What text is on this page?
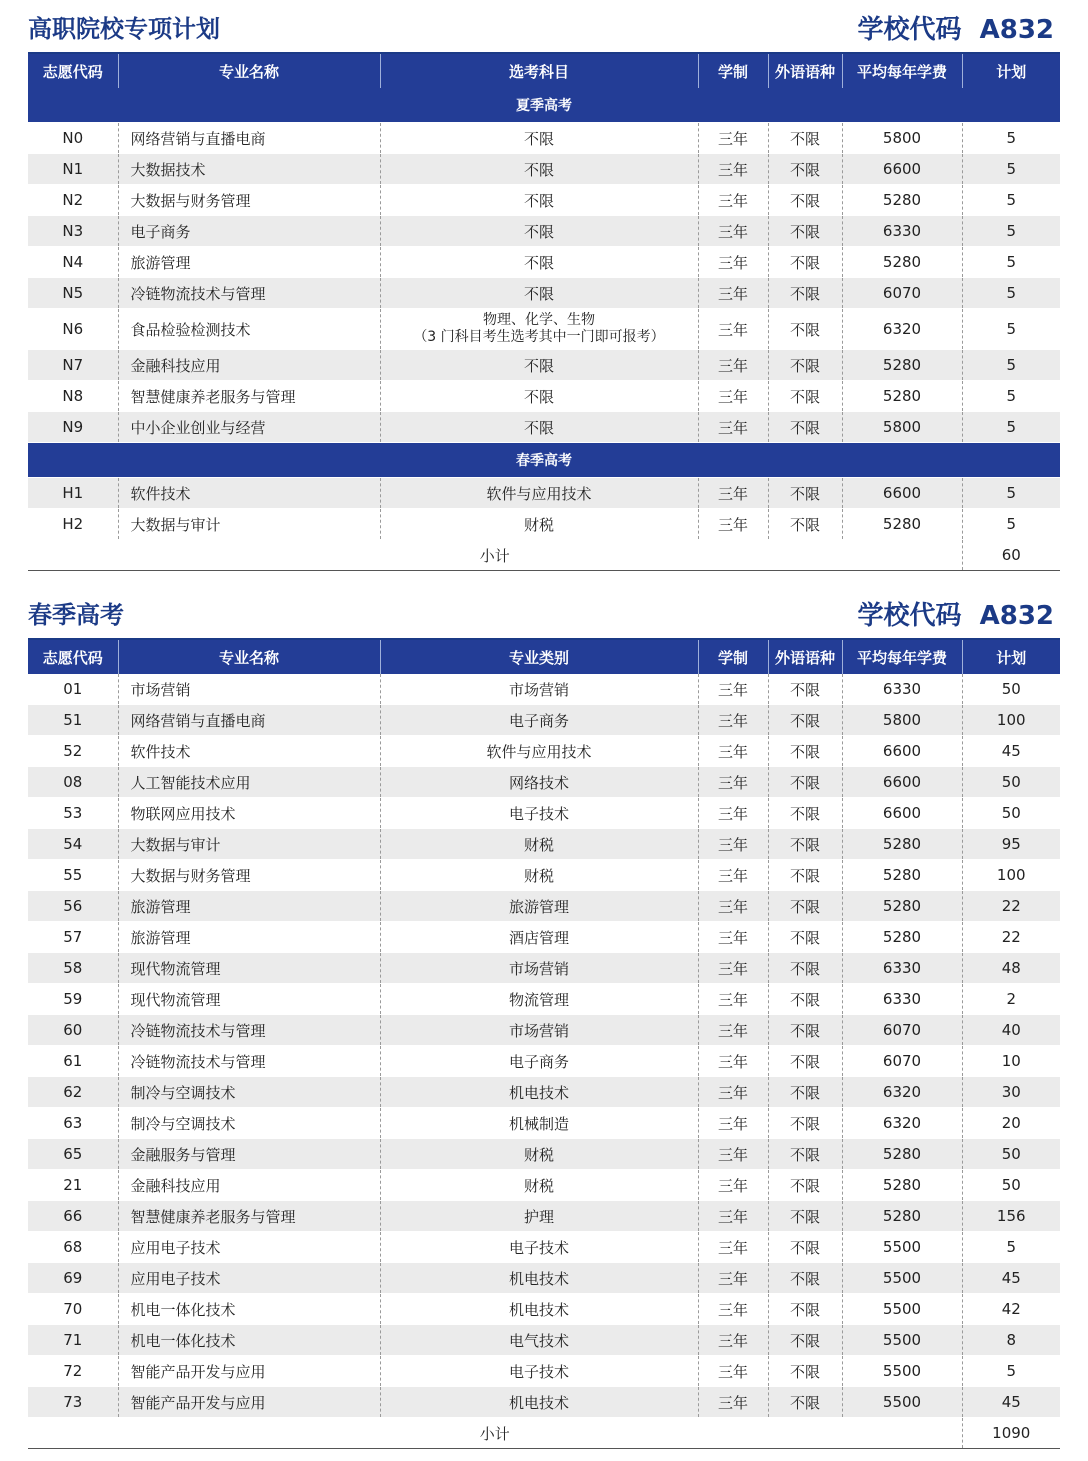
高职院校专项计划	学校代码  A832
志愿代码	专业名称	选考科目	学制	外语语种	平均每年学费	计划
夏季高考						
N0	网络营销与直播电商	不限	三年	不限	5800	5
N1	大数据技术	不限	三年	不限	6600	5
N2	大数据与财务管理	不限	三年	不限	5280	5
N3	电子商务	不限	三年	不限	6330	5
N4	旅游管理	不限	三年	不限	5280	5
N5	冷链物流技术与管理	不限	三年	不限	6070	5
N6	食品检验检测技术	物理、化学、生物
（3 门科目考生选考其中一门即可报考）	三年	不限	6320	5
N7	金融科技应用	不限	三年	不限	5280	5
N8	智慧健康养老服务与管理	不限	三年	不限	5280	5
N9	中小企业创业与经营	不限	三年	不限	5800	5
春季高考						
H1	软件技术	软件与应用技术	三年	不限	6600	5
H2	大数据与审计	财税	三年	不限	5280	5
小计						60
春季高考	学校代码  A832
志愿代码	专业名称	专业类别	学制	外语语种	平均每年学费	计划
01	市场营销	市场营销	三年	不限	6330	50
51	网络营销与直播电商	电子商务	三年	不限	5800	100
52	软件技术	软件与应用技术	三年	不限	6600	45
08	人工智能技术应用	网络技术	三年	不限	6600	50
53	物联网应用技术	电子技术	三年	不限	6600	50
54	大数据与审计	财税	三年	不限	5280	95
55	大数据与财务管理	财税	三年	不限	5280	100
56	旅游管理	旅游管理	三年	不限	5280	22
57	旅游管理	酒店管理	三年	不限	5280	22
58	现代物流管理	市场营销	三年	不限	6330	48
59	现代物流管理	物流管理	三年	不限	6330	2
60	冷链物流技术与管理	市场营销	三年	不限	6070	40
61	冷链物流技术与管理	电子商务	三年	不限	6070	10
62	制冷与空调技术	机电技术	三年	不限	6320	30
63	制冷与空调技术	机械制造	三年	不限	6320	20
65	金融服务与管理	财税	三年	不限	5280	50
21	金融科技应用	财税	三年	不限	5280	50
66	智慧健康养老服务与管理	护理	三年	不限	5280	156
68	应用电子技术	电子技术	三年	不限	5500	5
69	应用电子技术	机电技术	三年	不限	5500	45
70	机电一体化技术	机电技术	三年	不限	5500	42
71	机电一体化技术	电气技术	三年	不限	5500	8
72	智能产品开发与应用	电子技术	三年	不限	5500	5
73	智能产品开发与应用	机电技术	三年	不限	5500	45
小计						1090
